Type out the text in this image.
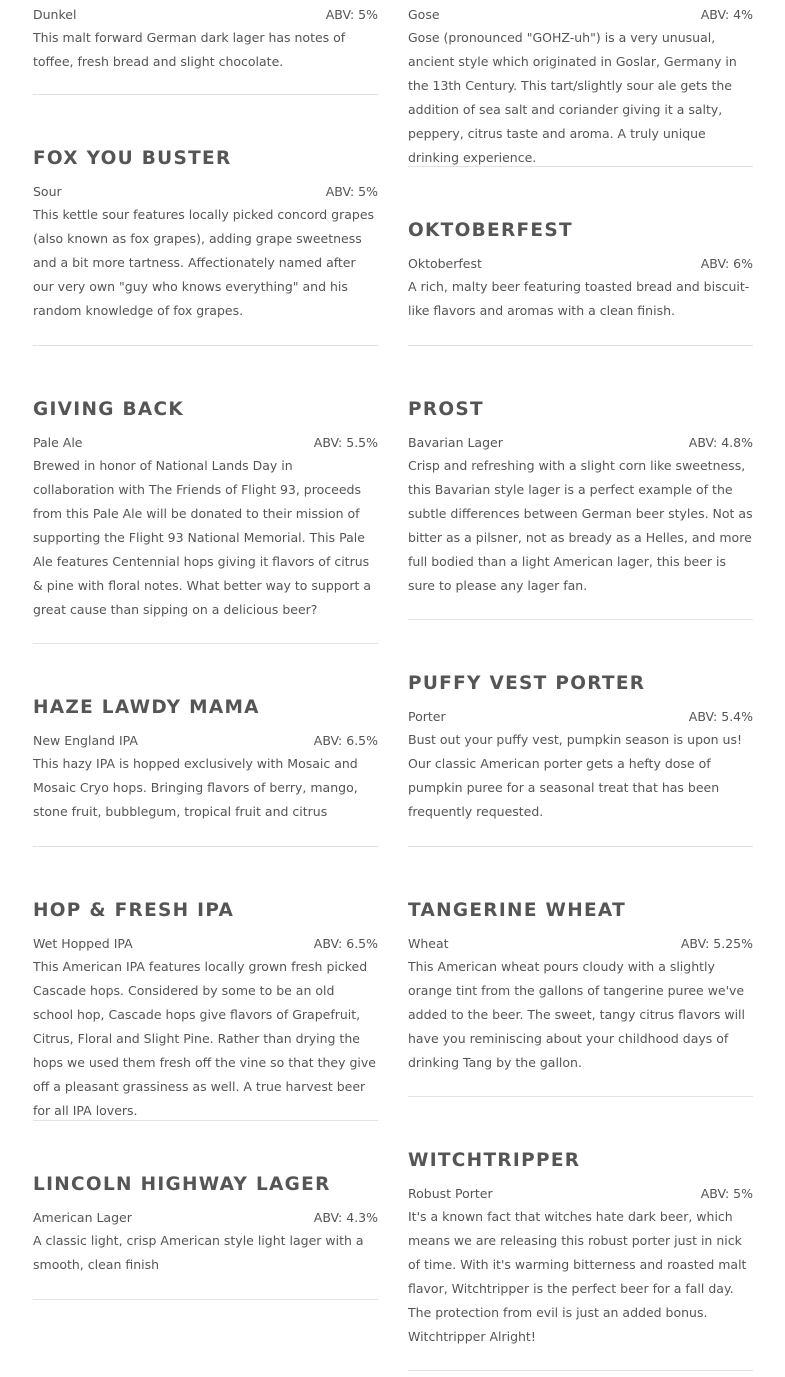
Dunkel	ABV: 5%

This malt forward German dark lager has notes of toffee, fresh bread and slight chocolate.

FOX YOU BUSTER
Sour	ABV: 5%

This kettle sour features locally picked concord grapes (also known as fox grapes), adding grape sweetness and a bit more tartness. Affectionately named after our very own "guy who knows everything" and his random knowledge of fox grapes.

GIVING BACK
Pale Ale	ABV: 5.5%

Brewed in honor of National Lands Day in collaboration with The Friends of Flight 93, proceeds from this Pale Ale will be donated to their mission of supporting the Flight 93 National Memorial. This Pale Ale features Centennial hops giving it flavors of citrus & pine with floral notes. What better way to support a great cause than sipping on a delicious beer?

HAZE LAWDY MAMA
New England IPA	ABV: 6.5%

This hazy IPA is hopped exclusively with Mosaic and Mosaic Cryo hops. Bringing flavors of berry, mango, stone fruit, bubblegum, tropical fruit and citrus

HOP & FRESH IPA
Wet Hopped IPA	ABV: 6.5%

This American IPA features locally grown fresh picked Cascade hops. Considered by some to be an old school hop, Cascade hops give flavors of Grapefruit, Citrus, Floral and Slight Pine. Rather than drying the hops we used them fresh off the vine so that they give off a pleasant grassiness as well. A true harvest beer for all IPA lovers.

LINCOLN HIGHWAY LAGER
American Lager	ABV: 4.3%

A classic light, crisp American style light lager with a smooth, clean finish

Gose	ABV: 4%

Gose (pronounced "GOHZ-uh") is a very unusual, ancient style which originated in Goslar, Germany in the 13th Century. This tart/slightly sour ale gets the addition of sea salt and coriander giving it a salty, peppery, citrus taste and aroma. A truly unique drinking experience.

OKTOBERFEST
Oktoberfest	ABV: 6%

A rich, malty beer featuring toasted bread and biscuit-like flavors and aromas with a clean finish.

PROST
Bavarian Lager	ABV: 4.8%

Crisp and refreshing with a slight corn like sweetness, this Bavarian style lager is a perfect example of the subtle differences between German beer styles. Not as bitter as a pilsner, not as bready as a Helles, and more full bodied than a light American lager, this beer is sure to please any lager fan.

PUFFY VEST PORTER
Porter	ABV: 5.4%

Bust out your puffy vest, pumpkin season is upon us! Our classic American porter gets a hefty dose of pumpkin puree for a seasonal treat that has been frequently requested.

TANGERINE WHEAT
Wheat	ABV: 5.25%

This American wheat pours cloudy with a slightly orange tint from the gallons of tangerine puree we've added to the beer. The sweet, tangy citrus flavors will have you reminiscing about your childhood days of drinking Tang by the gallon.

WITCHTRIPPER
Robust Porter	ABV: 5%

It's a known fact that witches hate dark beer, which means we are releasing this robust porter just in nick of time. With it's warming bitterness and roasted malt flavor, Witchtripper is the perfect beer for a fall day. The protection from evil is just an added bonus. Witchtripper Alright!
